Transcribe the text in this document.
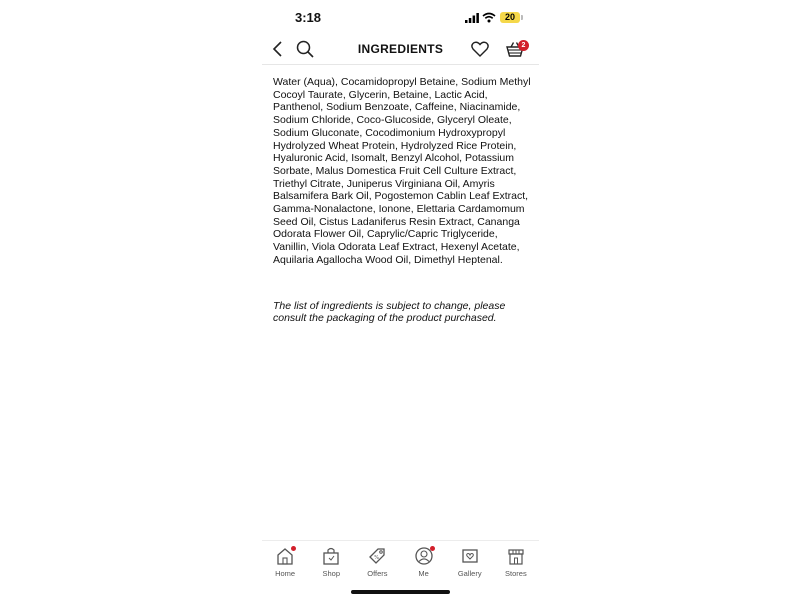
3:18	20
INGREDIENTS	2

Water (Aqua), Cocamidopropyl Betaine, Sodium Methyl Cocoyl Taurate, Glycerin, Betaine, Lactic Acid, Panthenol, Sodium Benzoate, Caffeine, Niacinamide, Sodium Chloride, Coco-Glucoside, Glyceryl Oleate, Sodium Gluconate, Cocodimonium Hydroxypropyl Hydrolyzed Wheat Protein, Hydrolyzed Rice Protein, Hyaluronic Acid, Isomalt, Benzyl Alcohol, Potassium Sorbate, Malus Domestica Fruit Cell Culture Extract, Triethyl Citrate, Juniperus Virginiana Oil, Amyris Balsamifera Bark Oil, Pogostemon Cablin Leaf Extract, Gamma-Nonalactone, Ionone, Elettaria Cardamomum Seed Oil, Cistus Ladaniferus Resin Extract, Cananga Odorata Flower Oil, Caprylic/Capric Triglyceride, Vanillin, Viola Odorata Leaf Extract, Hexenyl Acetate, Aquilaria Agallocha Wood Oil, Dimethyl Heptenal.

The list of ingredients is subject to change, please consult the packaging of the product purchased.

Home	Shop
%
Offers	Me	Gallery	Stores
